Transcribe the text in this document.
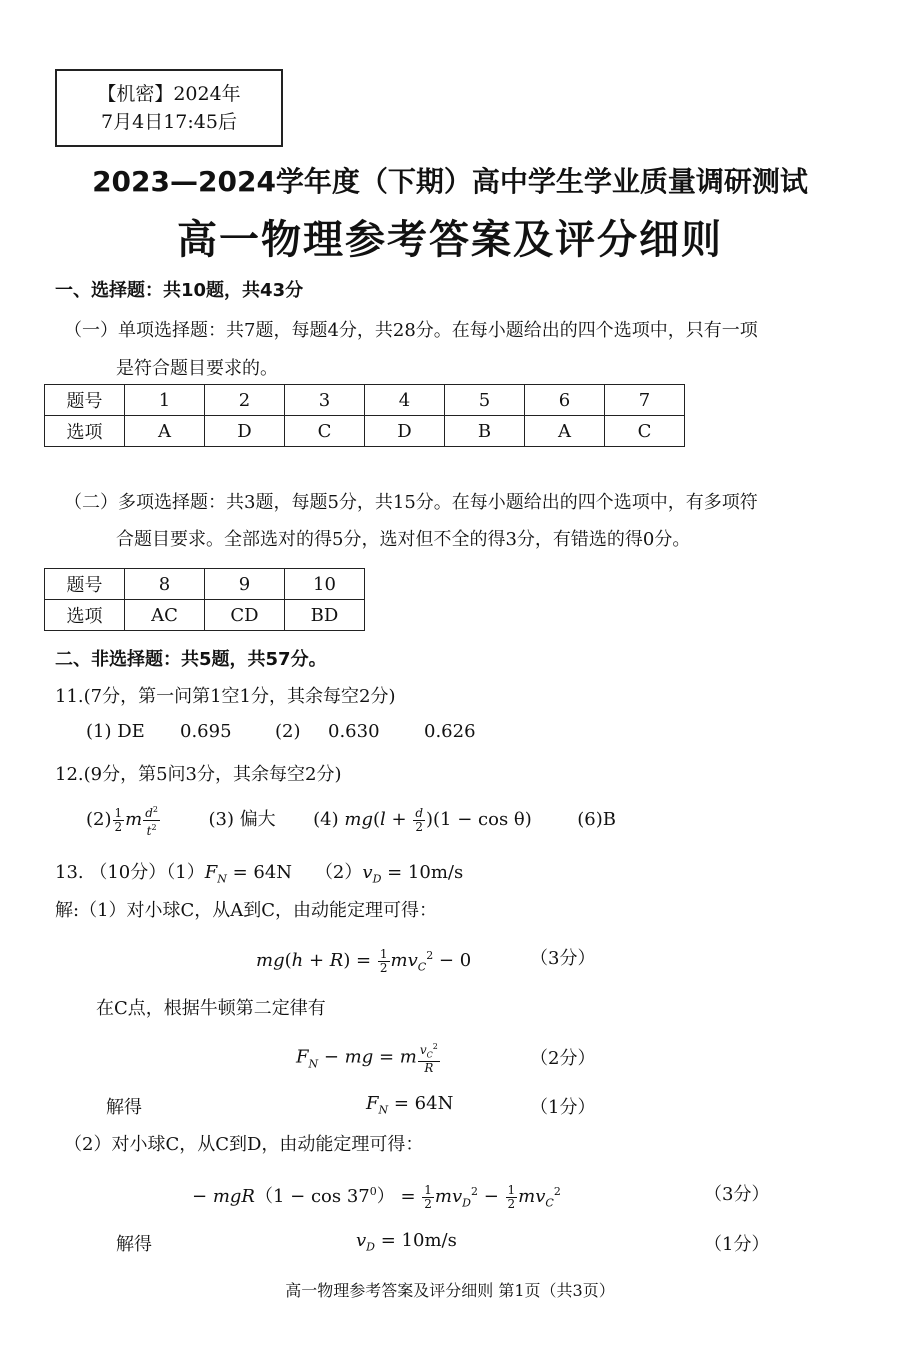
【机密】2024年
7月4日17:45后
2023—2024学年度（下期）高中学生学业质量调研测试
高一物理参考答案及评分细则
一、选择题：共10题，共43分
（一）单项选择题：共7题，每题4分，共28分。在每小题给出的四个选项中，只有一项
是符合题目要求的。
题号	1	2	3	4	5	6	7
选项	A	D	C	D	B	A	C
（二）多项选择题：共3题，每题5分，共15分。在每小题给出的四个选项中，有多项符
合题目要求。全部选对的得5分，选对但不全的得3分，有错选的得0分。
题号	8	9	10
选项	AC	CD	BD
二、非选择题：共5题，共57分。
11.(7分，第一问第1空1分，其余每空2分)
(1) DE 0.695 (2) 0.630 0.626
12.(9分，第5问3分，其余每空2分)
$(2) \frac{1}{2}$ m $\frac{d^2}{t^2}$	(3) 偏大 (4) $mg(l + \frac{d}{2} )(1 - \cos \theta)$	(6)B
13. （10分）$(1)F_N = 64N$ $(2)v_D = 10m/s$
解:（1）对小球C，从A到C，由动能定理可得：
$mg(h + R) = \frac{1}{2} mv_C^2 - 0$	（3分）
在C点，根据牛顿第二定律有
$F_N$ − mg = m $\frac{v_C^2}{R}$	（2分）
解得	$F_N = 64N$	（1分）
（2）对小球C，从C到D，由动能定理可得：
− $mgR(1 - \cos 37^0) = \frac{1}{2} mv_D^2 - \frac{1}{2} mv_C^2$	（3分）
解得	$v_D = 10m/s$	（1分）
高一物理参考答案及评分细则 第1页（共3页）
